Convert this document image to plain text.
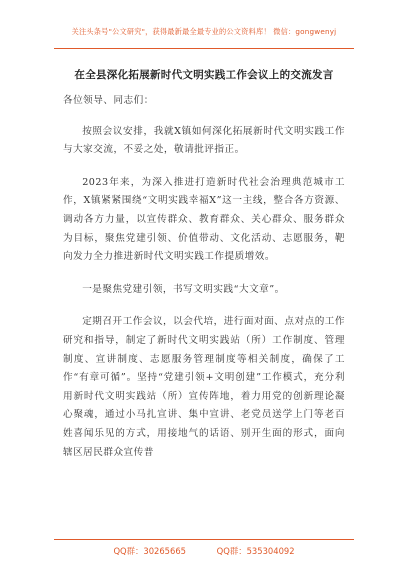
关注头条号"公文研究"，获得最新最全最专业的公文资料库！ 微信：gongwenyj
在全县深化拓展新时代文明实践工作会议上的交流发言

各位领导、同志们：

按照会议安排，我就X镇如何深化拓展新时代文明实践工作与大家交流，不妥之处，敬请批评指正。

2023年来，为深入推进打造新时代社会治理典范城市工作，X镇紧紧围绕“文明实践幸福X”这一主线，整合各方资源、调动各方力量，以宣传群众、教育群众、关心群众、服务群众为目标，聚焦党建引领、价值带动、文化活动、志愿服务，靶向发力全力推进新时代文明实践工作提质增效。

一是聚焦党建引领，书写文明实践“大文章”。

定期召开工作会议，以会代培，进行面对面、点对点的工作研究和指导，制定了新时代文明实践站（所）工作制度、管理制度、宣讲制度、志愿服务管理制度等相关制度，确保了工作“有章可循”。坚持“党建引领+文明创建”工作模式，充分利用新时代文明实践站（所）宣传阵地，着力用党的创新理论凝心聚魂，通过小马扎宣讲、集中宣讲、老党员送学上门等老百姓喜闻乐见的方式，用接地气的话语、别开生面的形式，面向辖区居民群众宣传普

QQ群：30265665	QQ群：535304092
